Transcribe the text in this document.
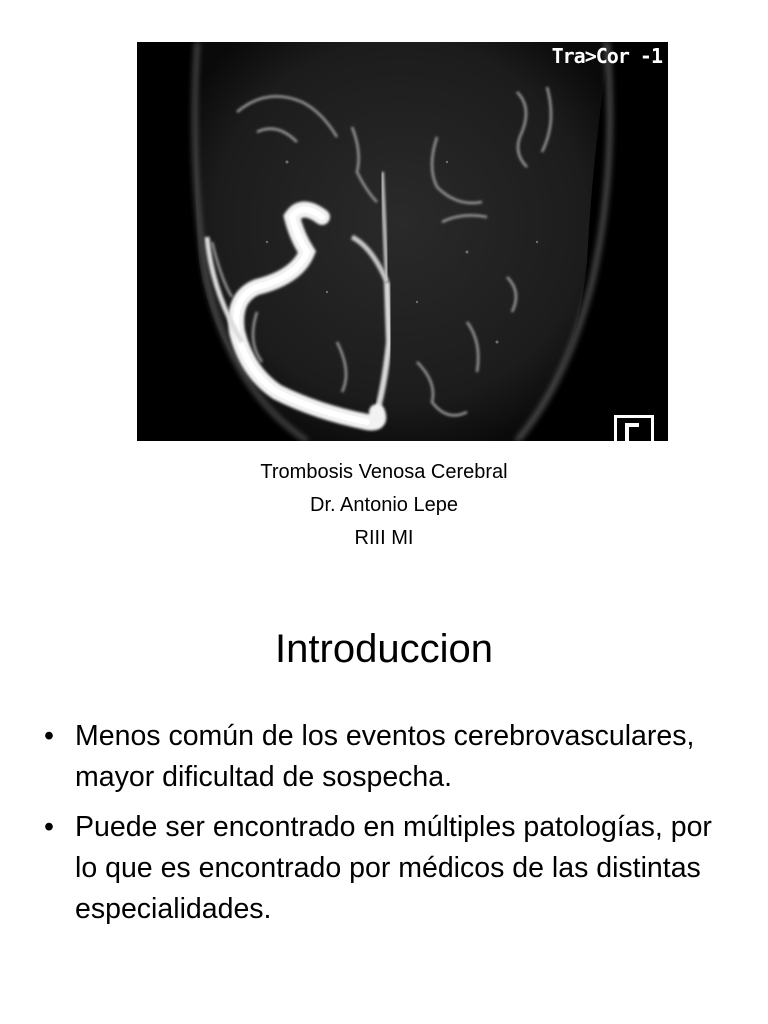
Tra>Cor -1
Trombosis Venosa Cerebral
Dr. Antonio Lepe
RIII MI
Introduccion
• Menos común de los eventos cerebrovasculares, mayor dificultad de sospecha.
• Puede ser encontrado en múltiples patologías, por lo que es encontrado por médicos de las distintas especialidades.
